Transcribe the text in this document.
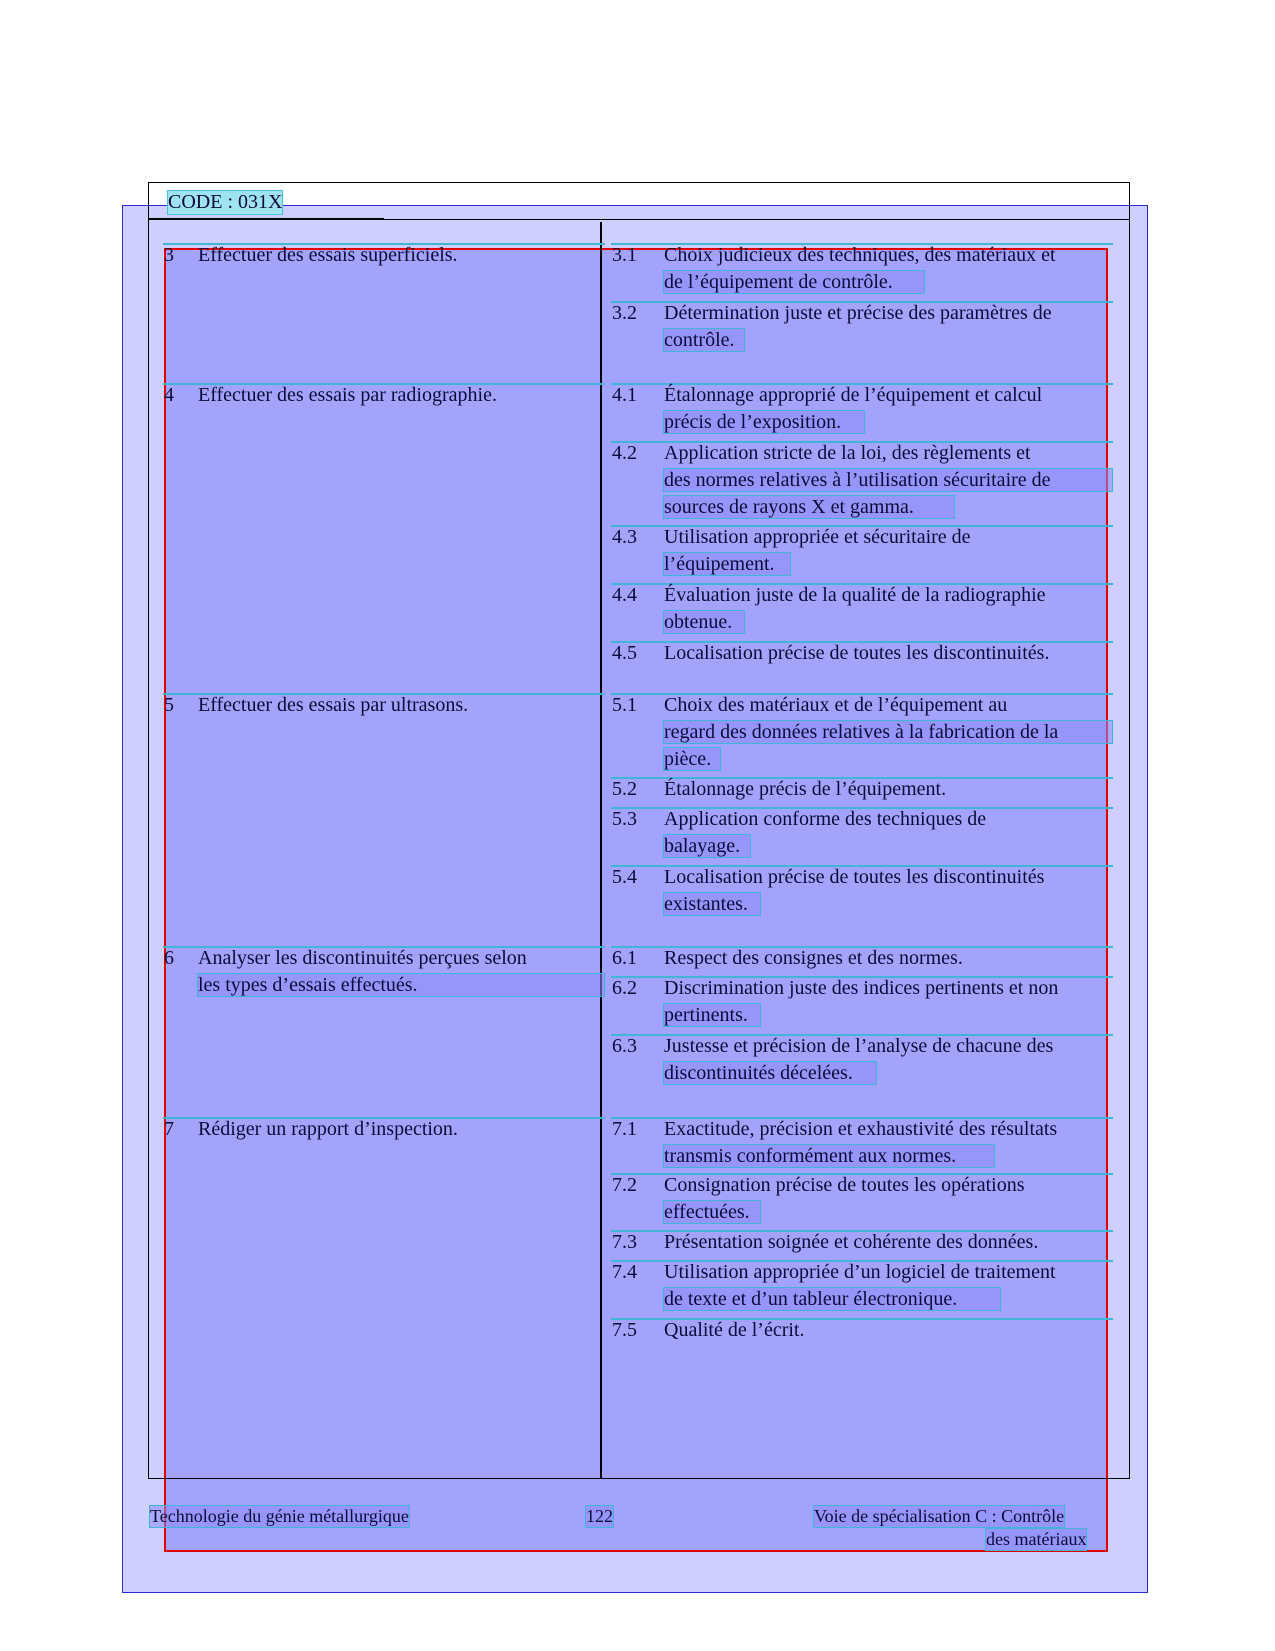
CODE : 031X
3 Effectuer des essais superficiels.
4 Effectuer des essais par radiographie.
5 Effectuer des essais par ultrasons.
6 Analyser les discontinuités perçues selon
les types d’essais effectués.
7 Rédiger un rapport d’inspection.
3.1 Choix judicieux des techniques, des matériaux et
de l’équipement de contrôle.
3.2 Détermination juste et précise des paramètres de
contrôle.
4.1 Étalonnage approprié de l’équipement et calcul
précis de l’exposition.
4.2 Application stricte de la loi, des règlements et
des normes relatives à l’utilisation sécuritaire de
sources de rayons X et gamma.
4.3 Utilisation appropriée et sécuritaire de
l’équipement.
4.4 Évaluation juste de la qualité de la radiographie
obtenue.
4.5 Localisation précise de toutes les discontinuités.
5.1 Choix des matériaux et de l’équipement au
regard des données relatives à la fabrication de la
pièce.
5.2 Étalonnage précis de l’équipement.
5.3 Application conforme des techniques de
balayage.
5.4 Localisation précise de toutes les discontinuités
existantes.
6.1 Respect des consignes et des normes.
6.2 Discrimination juste des indices pertinents et non
pertinents.
6.3 Justesse et précision de l’analyse de chacune des
discontinuités décelées.
7.1 Exactitude, précision et exhaustivité des résultats
transmis conformément aux normes.
7.2 Consignation précise de toutes les opérations
effectuées.
7.3 Présentation soignée et cohérente des données.
7.4 Utilisation appropriée d’un logiciel de traitement
de texte et d’un tableur électronique.
7.5 Qualité de l’écrit.
Technologie du génie métallurgique	122	Voie de spécialisation C : Contrôle
des matériaux
